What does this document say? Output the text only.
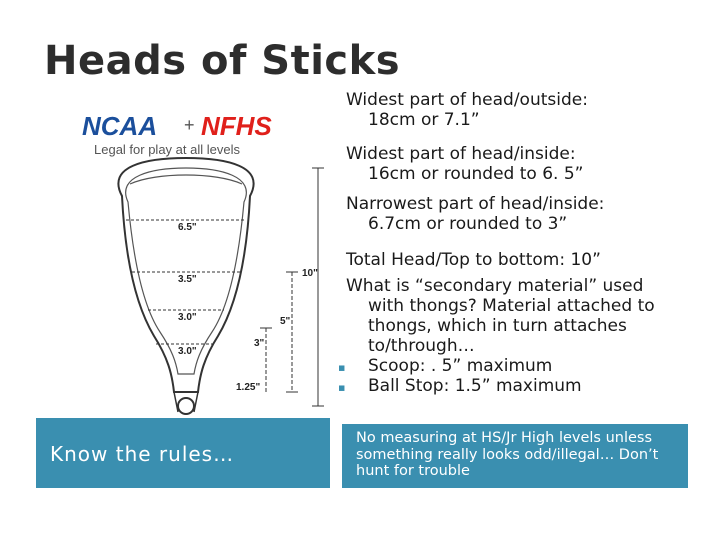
Heads of Sticks
NCAA + NFHS
Legal for play at all levels
6.5"
3.5"
3.0"
3.0"
1.25"
10"
5"
3"
Know the rules…
Widest part of head/outside:
18cm or 7.1”
Widest part of head/inside:
16cm or rounded to 6. 5”
Narrowest part of head/inside:
6.7cm or rounded to 3”
Total Head/Top to bottom: 10”
What is “secondary material” used
with thongs? Material attached to thongs, which in turn attaches to/through…
▪ Scoop: . 5” maximum
▪ Ball Stop: 1.5” maximum
No measuring at HS/Jr High levels unless something really looks odd/illegal… Don’t hunt for trouble
